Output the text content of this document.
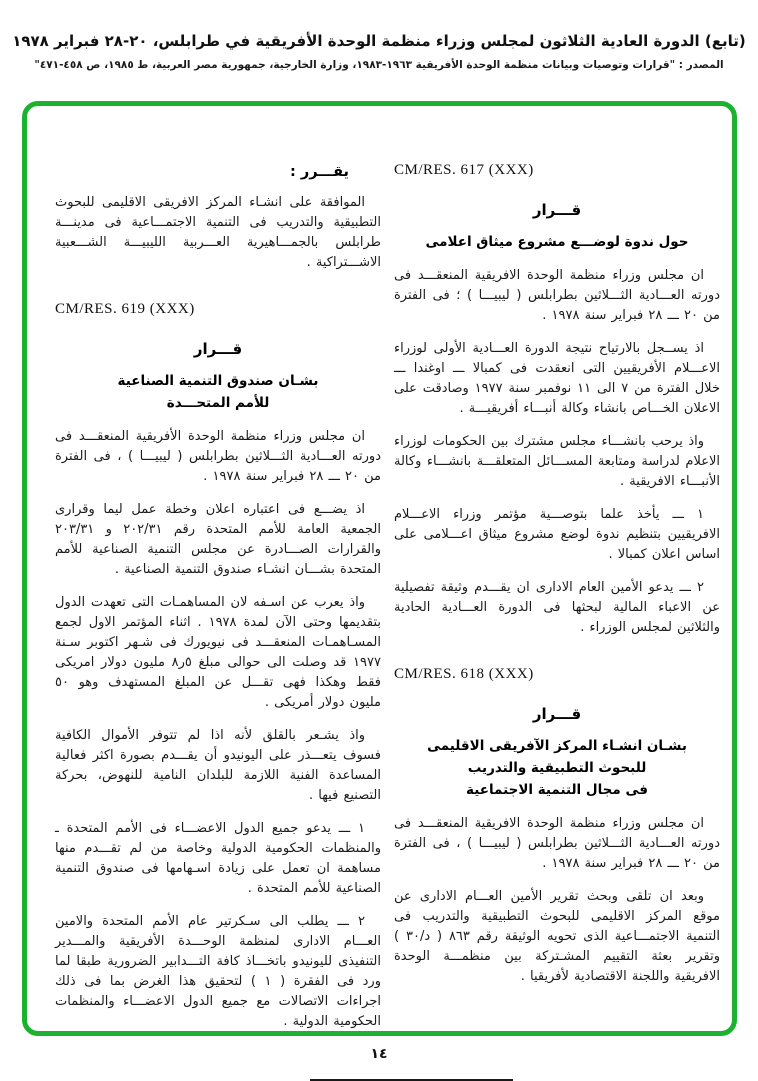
(تابع) الدورة العادية الثلاثون لمجلس وزراء منظمة الوحدة الأفريقية في طرابلس، ٢٠-٢٨ فبراير ١٩٧٨
المصدر : "قرارات وتوصيات وبيانات منظمة الوحدة الأفريقية ١٩٦٣-١٩٨٣، وزارة الخارجية، جمهورية مصر العربية، ط ١٩٨٥، ص ٤٥٨-٤٧١"
CM/RES. 617 (XXX)
قـــرار
حول ندوة لوضـــع مشروع ميثاق اعلامى

ان مجلس وزراء منظمة الوحدة الافريقية المنعقـــد فى دورته العـــادية الثـــلاثين بطرابلس ( ليبيـــا ) ؛ فى الفترة من ٢٠ ـــ ٢٨ فبراير سنة ١٩٧٨ .

اذ يســجل بالارتياح نتيجة الدورة العـــادية الأولى لوزراء الاعـــلام الأفريقيين التى انعقدت فى كمبالا ـــ اوغندا ـــ خلال الفترة من ٧ الى ١١ نوفمبر سنة ١٩٧٧ وصادقت على الاعلان الخـــاص بانشاء وكالة أنبـــاء أفريقيـــة .

واذ يرحب بانشـــاء مجلس مشترك بين الحكومات لوزراء الاعلام لدراسة ومتابعة المســـائل المتعلقـــة بانشـــاء وكالة الأنبـــاء الافريقية .

١ ـــ يأخذ علما بتوصـــية مؤتمر وزراء الاعـــلام الافريقيين بتنظيم ندوة لوضع مشروع ميثاق اعـــلامى على اساس اعلان كمبالا .

٢ ـــ يدعو الأمين العام الادارى ان يقـــدم وثيقة تفصيلية عن الاعباء المالية لبحثها فى الدورة العـــادية الحادية والثلاثين لمجلس الوزراء .

CM/RES. 618 (XXX)
قـــرار
بشـان انشـاء المركز الآفريقى الاقليمى
للبحوث التطبيقية والتدريب
فى مجال التنمية الاجتماعية

ان مجلس وزراء منظمة الوحدة الافريقية المنعقـــد فى دورته العـــادية الثـــلاثين بطرابلس ( ليبيـــا ) ، فى الفترة من ٢٠ ـــ ٢٨ فبراير سنة ١٩٧٨ .

وبعد ان تلقى وبحث تقرير الأمين العـــام الادارى عن موقع المركز الاقليمى للبحوث التطبيقية والتدريب فى التنمية الاجتمـــاعية الذى تحويه الوثيقة رقم ٨٦٣ ( د/٣٠ ) وتقرير بعثة التقييم المشـتركة بين منظمـــة الوحدة الافريقية واللجنة الاقتصادية لأفريقيا .

يقـــرر :

الموافقة على انشـاء المركز الافريقى الاقليمى للبحوث التطبيقية والتدريب فى التنمية الاجتمـــاعية فى مدينـــة طرابلس بالجمـــاهيرية العـــربية الليبيـــة الشـــعبية الاشـــتراكية .

CM/RES. 619 (XXX)
قـــرار
بشـان صندوق التنمية الصناعية
للأمم المتحـــدة

ان مجلس وزراء منظمة الوحدة الأفريقية المنعقـــد فى دورته العـــادية الثـــلاثين بطرابلس ( ليبيـــا ) ، فى الفترة من ٢٠ ـــ ٢٨ فبراير سنة ١٩٧٨ .

اذ يضـــع فى اعتباره اعلان وخطة عمل ليما وقرارى الجمعية العامة للأمم المتحدة رقم ٢٠٢/٣١ و ٢٠٣/٣١ والقرارات الصـــادرة عن مجلس التنمية الصناعية للأمم المتحدة بشـــان انشـاء صندوق التنمية الصناعية .

واذ يعرب عن اسـفه لان المساهمـات التى تعهدت الدول بتقديمها وحتى الآن لمدة ١٩٧٨ . اثناء المؤتمر الاول لجمع المسـاهمـات المنعقـــد فى نيويورك فى شـهر اكتوبر سـنة ١٩٧٧ قد وصلت الى حوالى مبلغ ٥ر٨ مليون دولار امريكى فقط وهكذا فهى تقـــل عن المبلغ المستهدف وهو ٥٠ مليون دولار أمريكى .

واذ يشـعر بالقلق لأنه اذا لم تتوفر الأموال الكافية فسوف يتعـــذر على اليونيدو أن يقـــدم بصورة اكثر فعالية المساعدة الفنية اللازمة للبلدان النامية للنهوض، بحركة التصنيع فيها .

١ ـــ يدعو جميع الدول الاعضـــاء فى الأمم المتحدة ـ والمنظمات الحكومية الدولية وخاصة من لم تقـــدم منها مساهمة ان تعمل على زيادة اسـهامها فى صندوق التنمية الصناعية للأمم المتحدة .

٢ ـــ يطلب الى سـكرتير عام الأمم المتحدة والامين العـــام الادارى لمنظمة الوحـــدة الأفريقية والمـــدير التنفيذى لليونيدو باتخـــاذ كافة التـــدابير الضرورية طبقا لما ورد فى الفقرة ( ١ ) لتحقيق هذا الغرض بما فى ذلك اجراءات الاتصالات مع جميع الدول الاعضـــاء والمنظمات الحكومية الدولية .

١٤
